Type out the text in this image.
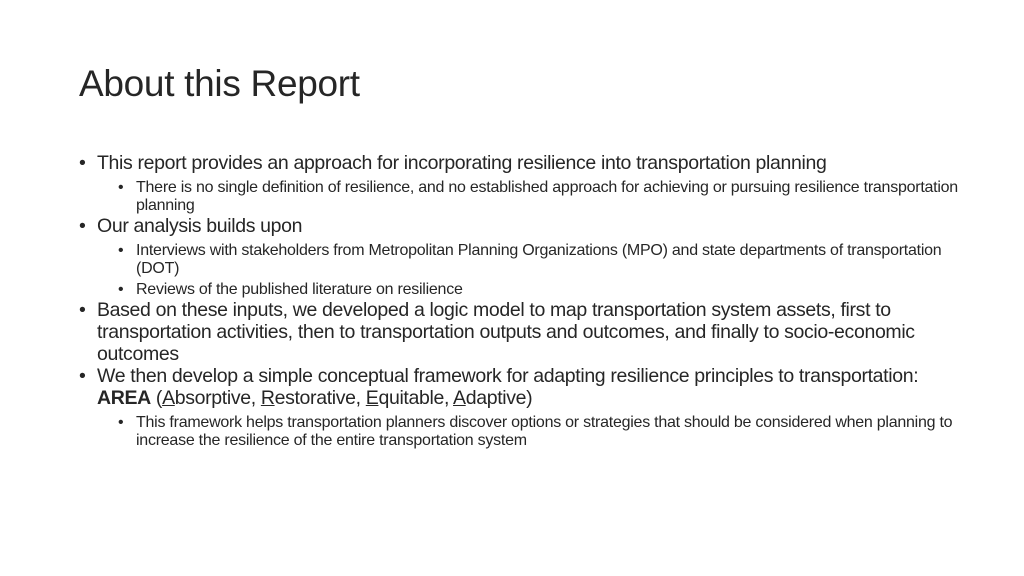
About this Report
• This report provides an approach for incorporating resilience into transportation planning
• There is no single definition of resilience, and no established approach for achieving or pursuing resilience transportation planning
• Our analysis builds upon
• Interviews with stakeholders from Metropolitan Planning Organizations (MPO) and state departments of transportation (DOT)
• Reviews of the published literature on resilience
• Based on these inputs, we developed a logic model to map transportation system assets, first to transportation activities, then to transportation outputs and outcomes, and finally to socio-economic outcomes
• We then develop a simple conceptual framework for adapting resilience principles to transportation: AREA (Absorptive, Restorative, Equitable, Adaptive)
• This framework helps transportation planners discover options or strategies that should be considered when planning to increase the resilience of the entire transportation system
